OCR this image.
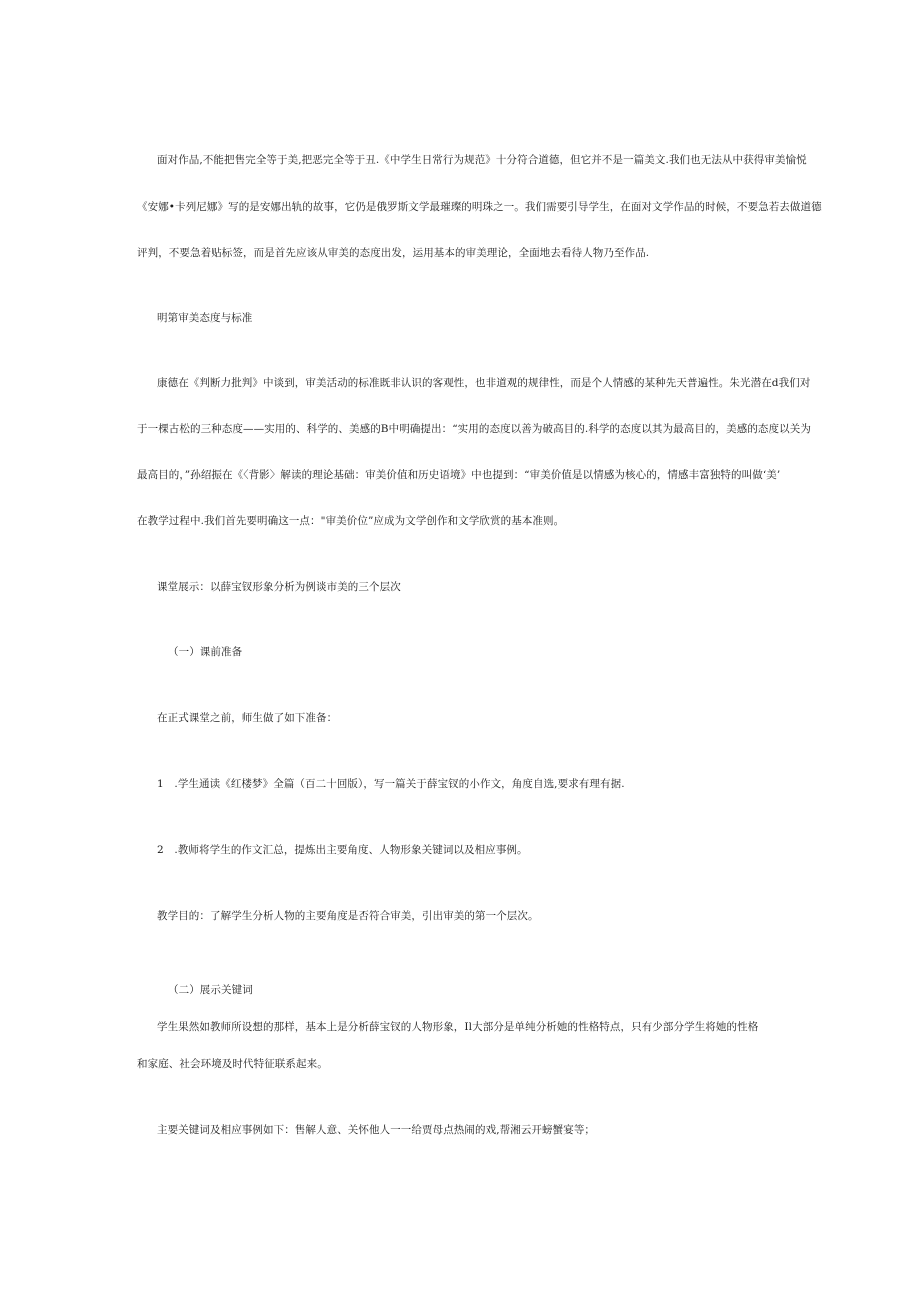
面对作品,不能把售完全等于美,把恶完全等于丑.《中学生日常行为规范》十分符合道德，但它并不是一篇美文.我们也无法从中获得审美愉悦

《安娜•卡列尼娜》写的是安娜出轨的故事，它仍是俄罗斯文学最璀璨的明珠之一。我们需要引导学生，在面对文学作品的时候，不要急若去做道德

评判，不要急着贴标签，而是首先应该从审美的态度出发，运用基本的审美理论，全面地去看待人物乃至作品.

明第审美态度与标准

康德在《判断力批判》中谈到，审美活动的标准既非认识的客观性，也非道观的规律性，而是个人情感的某种先天普遍性。朱光潜在d我们对

于一棵古松的三种态度——实用的、科学的、美感的B中明确提出：“实用的态度以善为破高目的.科学的态度以其为最高目的，美感的态度以关为

最高目的，”孙绍振在《〈背影〉解读的理论基础：审美价值和历史语境》中也提到：“审美价值是以情感为核心的，情感丰富独特的叫做‘美’

在教学过程中.我们首先要明确这一点："审美价位”应成为文学创作和文学欣赏的基本准则。

课堂展示：以薛宝钗形象分析为例谈市美的三个层次

（一）课前准备

在正式课堂之前，师生做了如下准备：

1　.学生通读《红楼梦》全篇（百二十回版），写一篇关于薛宝钗的小作文，角度自选,要求有理有据.

2　.教师将学生的作文汇总，提炼出主要角度、人物形象关键词以及相应事例。

教学目的：了解学生分析人物的主要角度是否符合审美，引出审美的第一个层次。

（二）展示关键词

学生果然如教师所设想的那样，基本上是分析薛宝钗的人物形象，Il大部分是单纯分析她的性格特点，只有少部分学生将她的性格

和家庭、社会环境及时代特征联系起来。

主要关键词及相应事例如下：售解人意、关怀他人一一给贾母点热闹的戏,帮湘云开螃蟹宴等；
